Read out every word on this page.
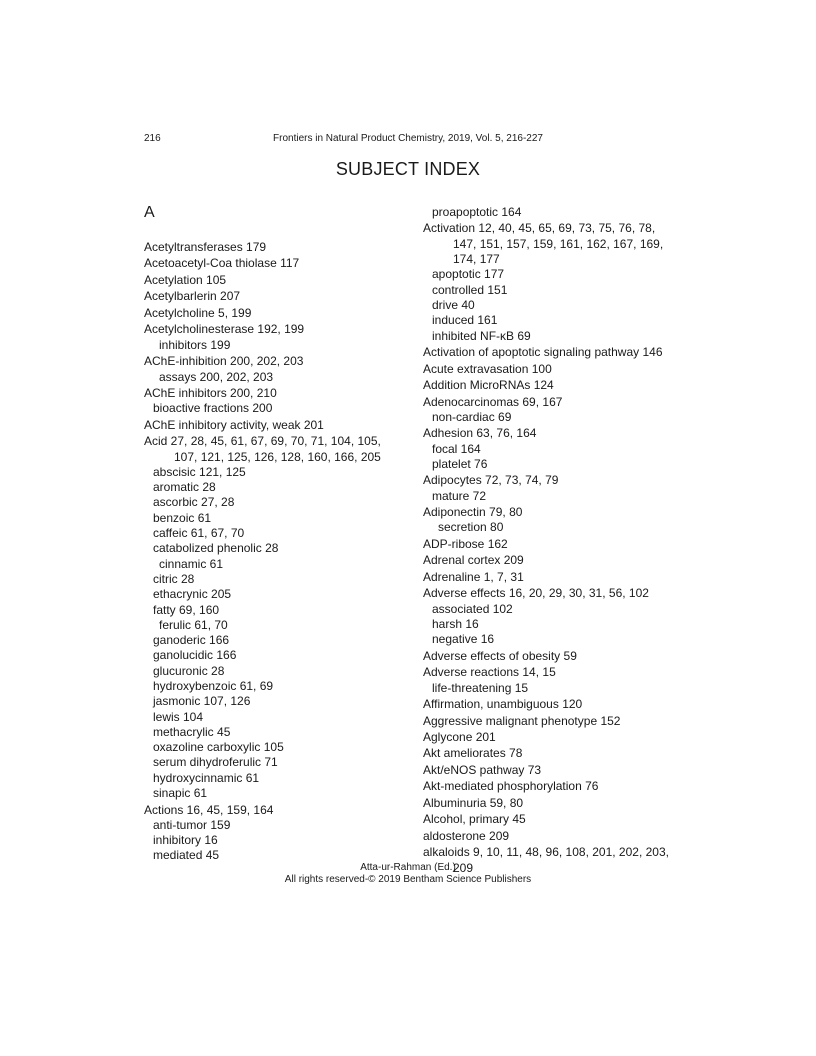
216	Frontiers in Natural Product Chemistry, 2019, Vol. 5, 216-227
SUBJECT INDEX
A
Acetyltransferases 179
Acetoacetyl-Coa thiolase 117
Acetylation 105
Acetylbarlerin 207
Acetylcholine 5, 199
Acetylcholinesterase 192, 199
inhibitors 199
AChE-inhibition 200, 202, 203
assays 200, 202, 203
AChE inhibitors 200, 210
bioactive fractions 200
AChE inhibitory activity, weak 201
Acid 27, 28, 45, 61, 67, 69, 70, 71, 104, 105,
107, 121, 125, 126, 128, 160, 166, 205
abscisic 121, 125
aromatic 28
ascorbic 27, 28
benzoic 61
caffeic 61, 67, 70
catabolized phenolic 28
cinnamic 61
citric 28
ethacrynic 205
fatty 69, 160
ferulic 61, 70
ganoderic 166
ganolucidic 166
glucuronic 28
hydroxybenzoic 61, 69
jasmonic 107, 126
lewis 104
methacrylic 45
oxazoline carboxylic 105
serum dihydroferulic 71
hydroxycinnamic 61
sinapic 61
Actions 16, 45, 159, 164
anti-tumor 159
inhibitory 16
mediated 45
proapoptotic 164
Activation 12, 40, 45, 65, 69, 73, 75, 76, 78,
147, 151, 157, 159, 161, 162, 167, 169,
174, 177
apoptotic 177
controlled 151
drive 40
induced 161
inhibited NF-κB 69
Activation of apoptotic signaling pathway 146
Acute extravasation 100
Addition MicroRNAs 124
Adenocarcinomas 69, 167
non-cardiac 69
Adhesion 63, 76, 164
focal 164
platelet 76
Adipocytes 72, 73, 74, 79
mature 72
Adiponectin 79, 80
secretion 80
ADP-ribose 162
Adrenal cortex 209
Adrenaline 1, 7, 31
Adverse effects 16, 20, 29, 30, 31, 56, 102
associated 102
harsh 16
negative 16
Adverse effects of obesity 59
Adverse reactions 14, 15
life-threatening 15
Affirmation, unambiguous 120
Aggressive malignant phenotype 152
Aglycone 201
Akt ameliorates 78
Akt/eNOS pathway 73
Akt-mediated phosphorylation 76
Albuminuria 59, 80
Alcohol, primary 45
aldosterone 209
alkaloids 9, 10, 11, 48, 96, 108, 201, 202, 203,
209
Atta-ur-Rahman (Ed.)
All rights reserved-© 2019 Bentham Science Publishers
